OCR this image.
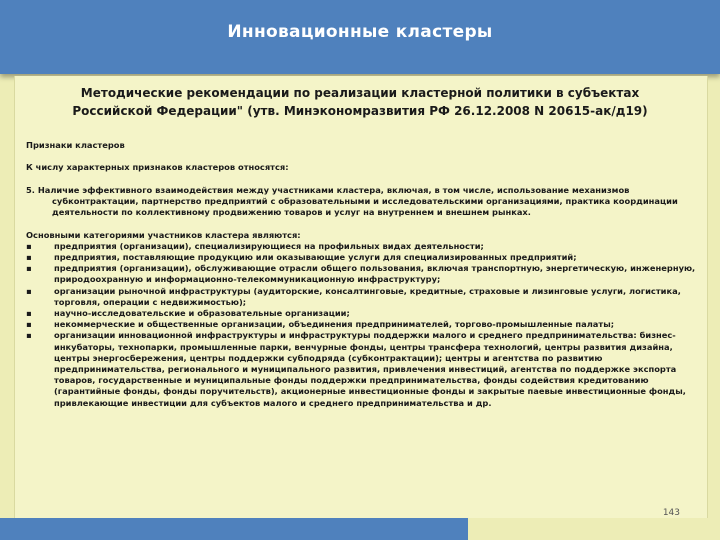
Инновационные кластеры
Методические рекомендации по реализации кластерной политики в субъектах
Российской Федерации" (утв. Минэкономразвития РФ 26.12.2008 N 20615-ак/д19)

Признаки кластеров

К числу характерных признаков кластеров относятся:

5. Наличие эффективного взаимодействия между участниками кластера, включая, в том числе, использование механизмов субконтрактации, партнерство предприятий с образовательными и исследовательскими организациями, практика координации деятельности по коллективному продвижению товаров и услуг на внутреннем и внешнем рынках.

Основными категориями участников кластера являются:

▪	предприятия (организации), специализирующиеся на профильных видах деятельности;
▪	предприятия, поставляющие продукцию или оказывающие услуги для специализированных предприятий;
▪	предприятия (организации), обслуживающие отрасли общего пользования, включая транспортную, энергетическую, инженерную, природоохранную и информационно-телекоммуникационную инфраструктуру;
▪	организации рыночной инфраструктуры (аудиторские, консалтинговые, кредитные, страховые и лизинговые услуги, логистика, торговля, операции с недвижимостью);
▪	научно-исследовательские и образовательные организации;
▪	некоммерческие и общественные организации, объединения предпринимателей, торгово-промышленные палаты;
▪	организации инновационной инфраструктуры и инфраструктуры поддержки малого и среднего предпринимательства: бизнес-инкубаторы, технопарки, промышленные парки, венчурные фонды, центры трансфера технологий, центры развития дизайна, центры энергосбережения, центры поддержки субподряда (субконтрактации); центры и агентства по развитию предпринимательства, регионального и муниципального развития, привлечения инвестиций, агентства по поддержке экспорта товаров, государственные и муниципальные фонды поддержки предпринимательства, фонды содействия кредитованию (гарантийные фонды, фонды поручительств), акционерные инвестиционные фонды и закрытые паевые инвестиционные фонды, привлекающие инвестиции для субъектов малого и среднего предпринимательства и др.
143
